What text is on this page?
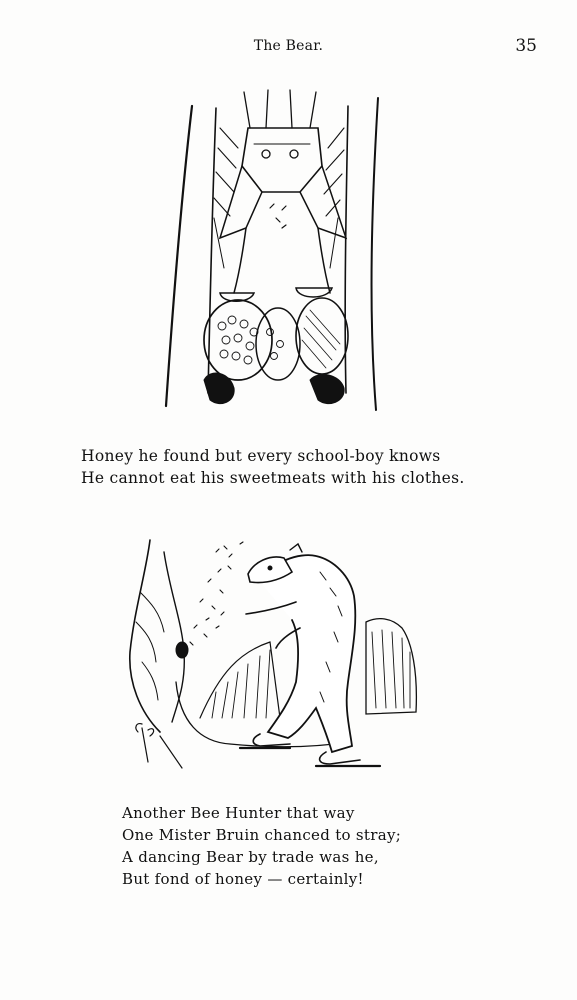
The Bear.	35
Honey he found but every school-boy knows
He cannot eat his sweetmeats with his clothes.
Another Bee Hunter that way
One Mister Bruin chanced to stray;
A dancing Bear by trade was he,
But fond of honey — certainly!
